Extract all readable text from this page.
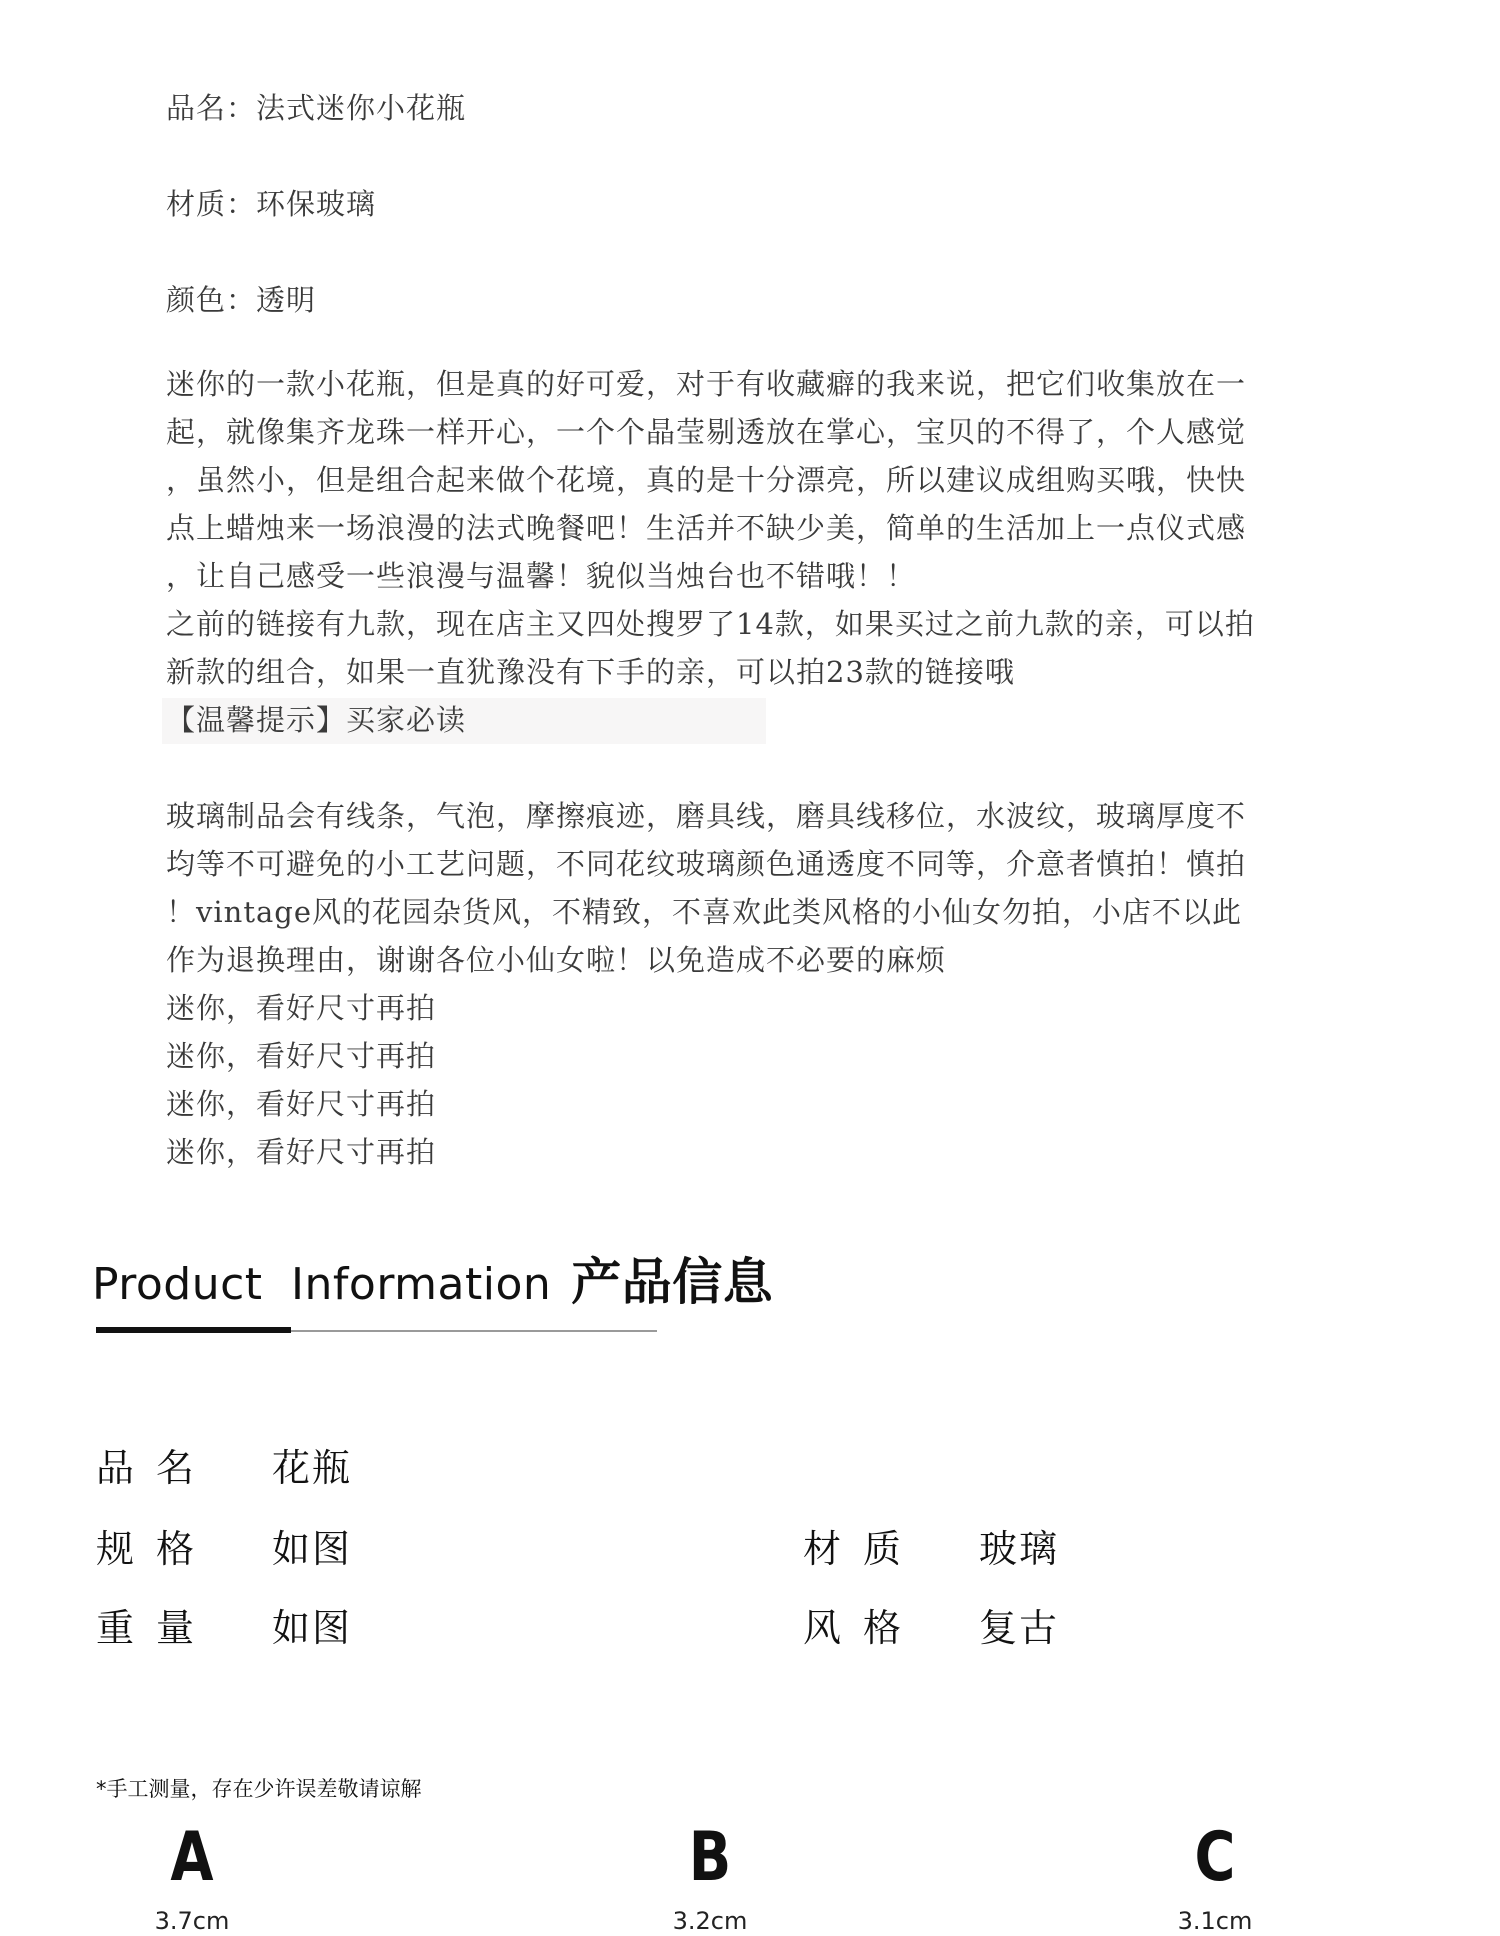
品名：法式迷你小花瓶
材质：环保玻璃
颜色：透明
迷你的一款小花瓶，但是真的好可爱，对于有收藏癖的我来说，把它们收集放在一
起，就像集齐龙珠一样开心，一个个晶莹剔透放在掌心，宝贝的不得了，个人感觉
，虽然小，但是组合起来做个花境，真的是十分漂亮，所以建议成组购买哦，快快
点上蜡烛来一场浪漫的法式晚餐吧！生活并不缺少美，简单的生活加上一点仪式感
，让自己感受一些浪漫与温馨！貌似当烛台也不错哦！！
之前的链接有九款，现在店主又四处搜罗了14款，如果买过之前九款的亲，可以拍
新款的组合，如果一直犹豫没有下手的亲，可以拍23款的链接哦
【温馨提示】买家必读
玻璃制品会有线条，气泡，摩擦痕迹，磨具线，磨具线移位，水波纹，玻璃厚度不
均等不可避免的小工艺问题，不同花纹玻璃颜色通透度不同等，介意者慎拍！慎拍
！vintage风的花园杂货风，不精致，不喜欢此类风格的小仙女勿拍，小店不以此
作为退换理由，谢谢各位小仙女啦！以免造成不必要的麻烦
迷你，看好尺寸再拍
迷你，看好尺寸再拍
迷你，看好尺寸再拍
迷你，看好尺寸再拍
Product Information 产品信息
品名 花瓶
规格 如图	材质 玻璃
重量 如图	风格 复古
*手工测量，存在少许误差敬请谅解
A
3.7cm
B
3.2cm
C
3.1cm
